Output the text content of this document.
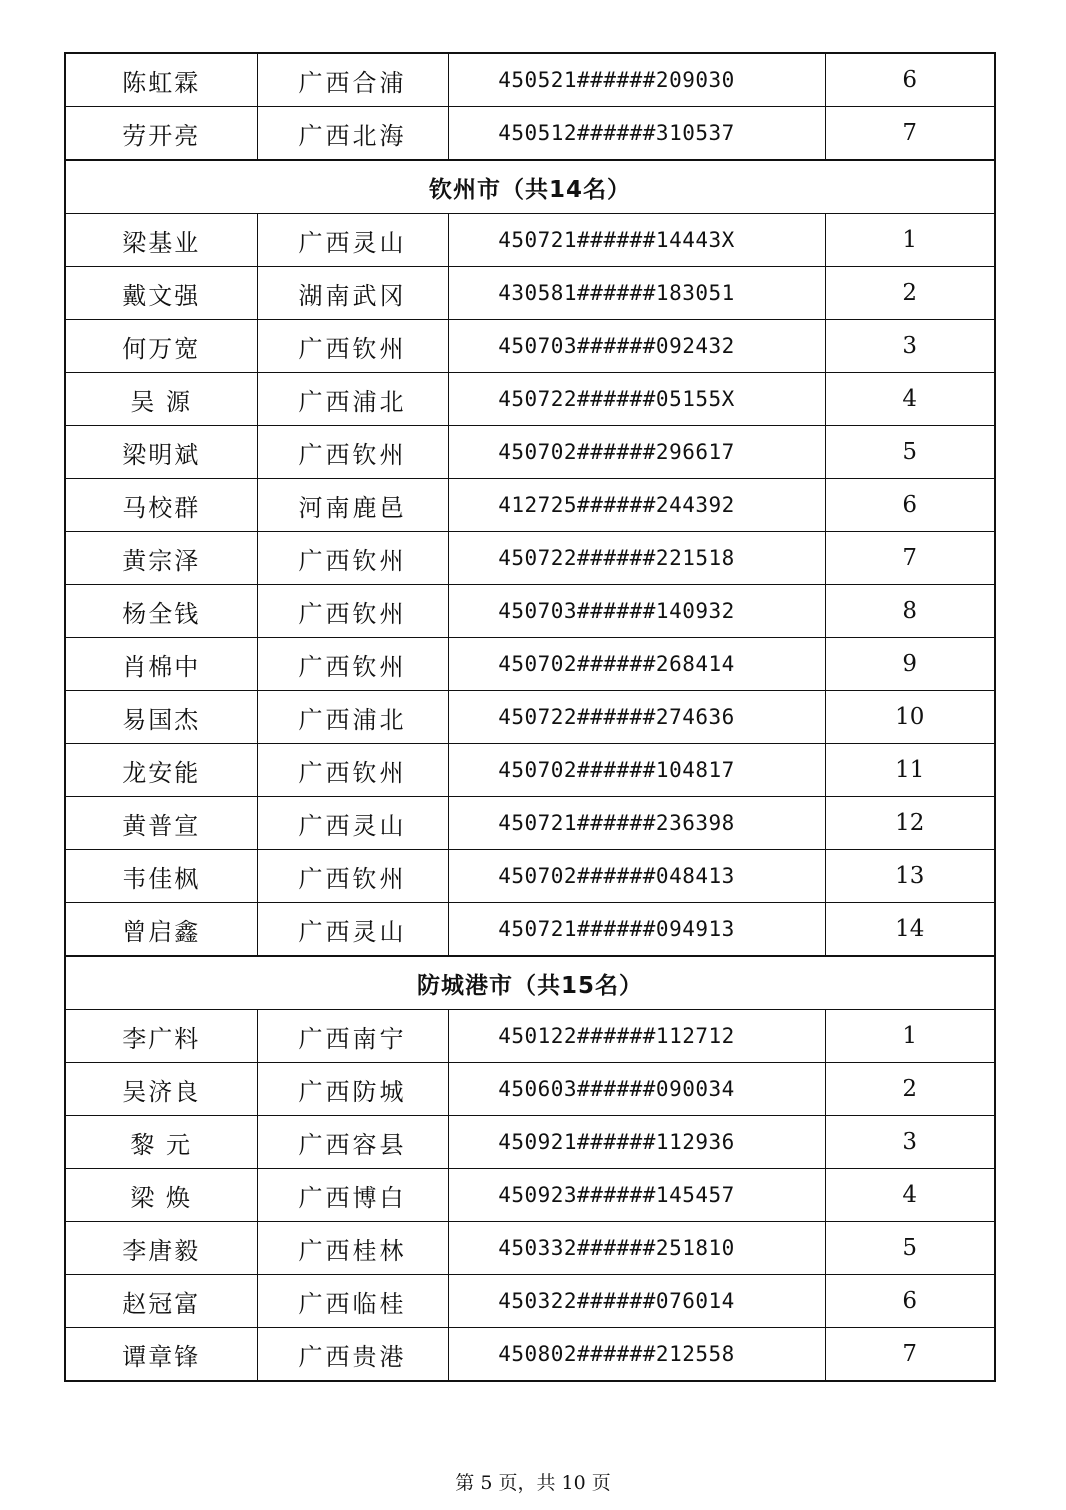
陈虹霖	广西合浦	450521######209030	6
劳开亮	广西北海	450512######310537	7
钦州市（共14名）			
梁基业	广西灵山	450721######14443X	1
戴文强	湖南武冈	430581######183051	2
何万宽	广西钦州	450703######092432	3
吴 源	广西浦北	450722######05155X	4
梁明斌	广西钦州	450702######296617	5
马校群	河南鹿邑	412725######244392	6
黄宗泽	广西钦州	450722######221518	7
杨全钱	广西钦州	450703######140932	8
肖棉中	广西钦州	450702######268414	9
易国杰	广西浦北	450722######274636	10
龙安能	广西钦州	450702######104817	11
黄普宣	广西灵山	450721######236398	12
韦佳枫	广西钦州	450702######048413	13
曾启鑫	广西灵山	450721######094913	14
防城港市（共15名）			
李广料	广西南宁	450122######112712	1
吴济良	广西防城	450603######090034	2
黎 元	广西容县	450921######112936	3
梁 焕	广西博白	450923######145457	4
李唐毅	广西桂林	450332######251810	5
赵冠富	广西临桂	450322######076014	6
谭章锋	广西贵港	450802######212558	7
第 5 页，共 10 页
